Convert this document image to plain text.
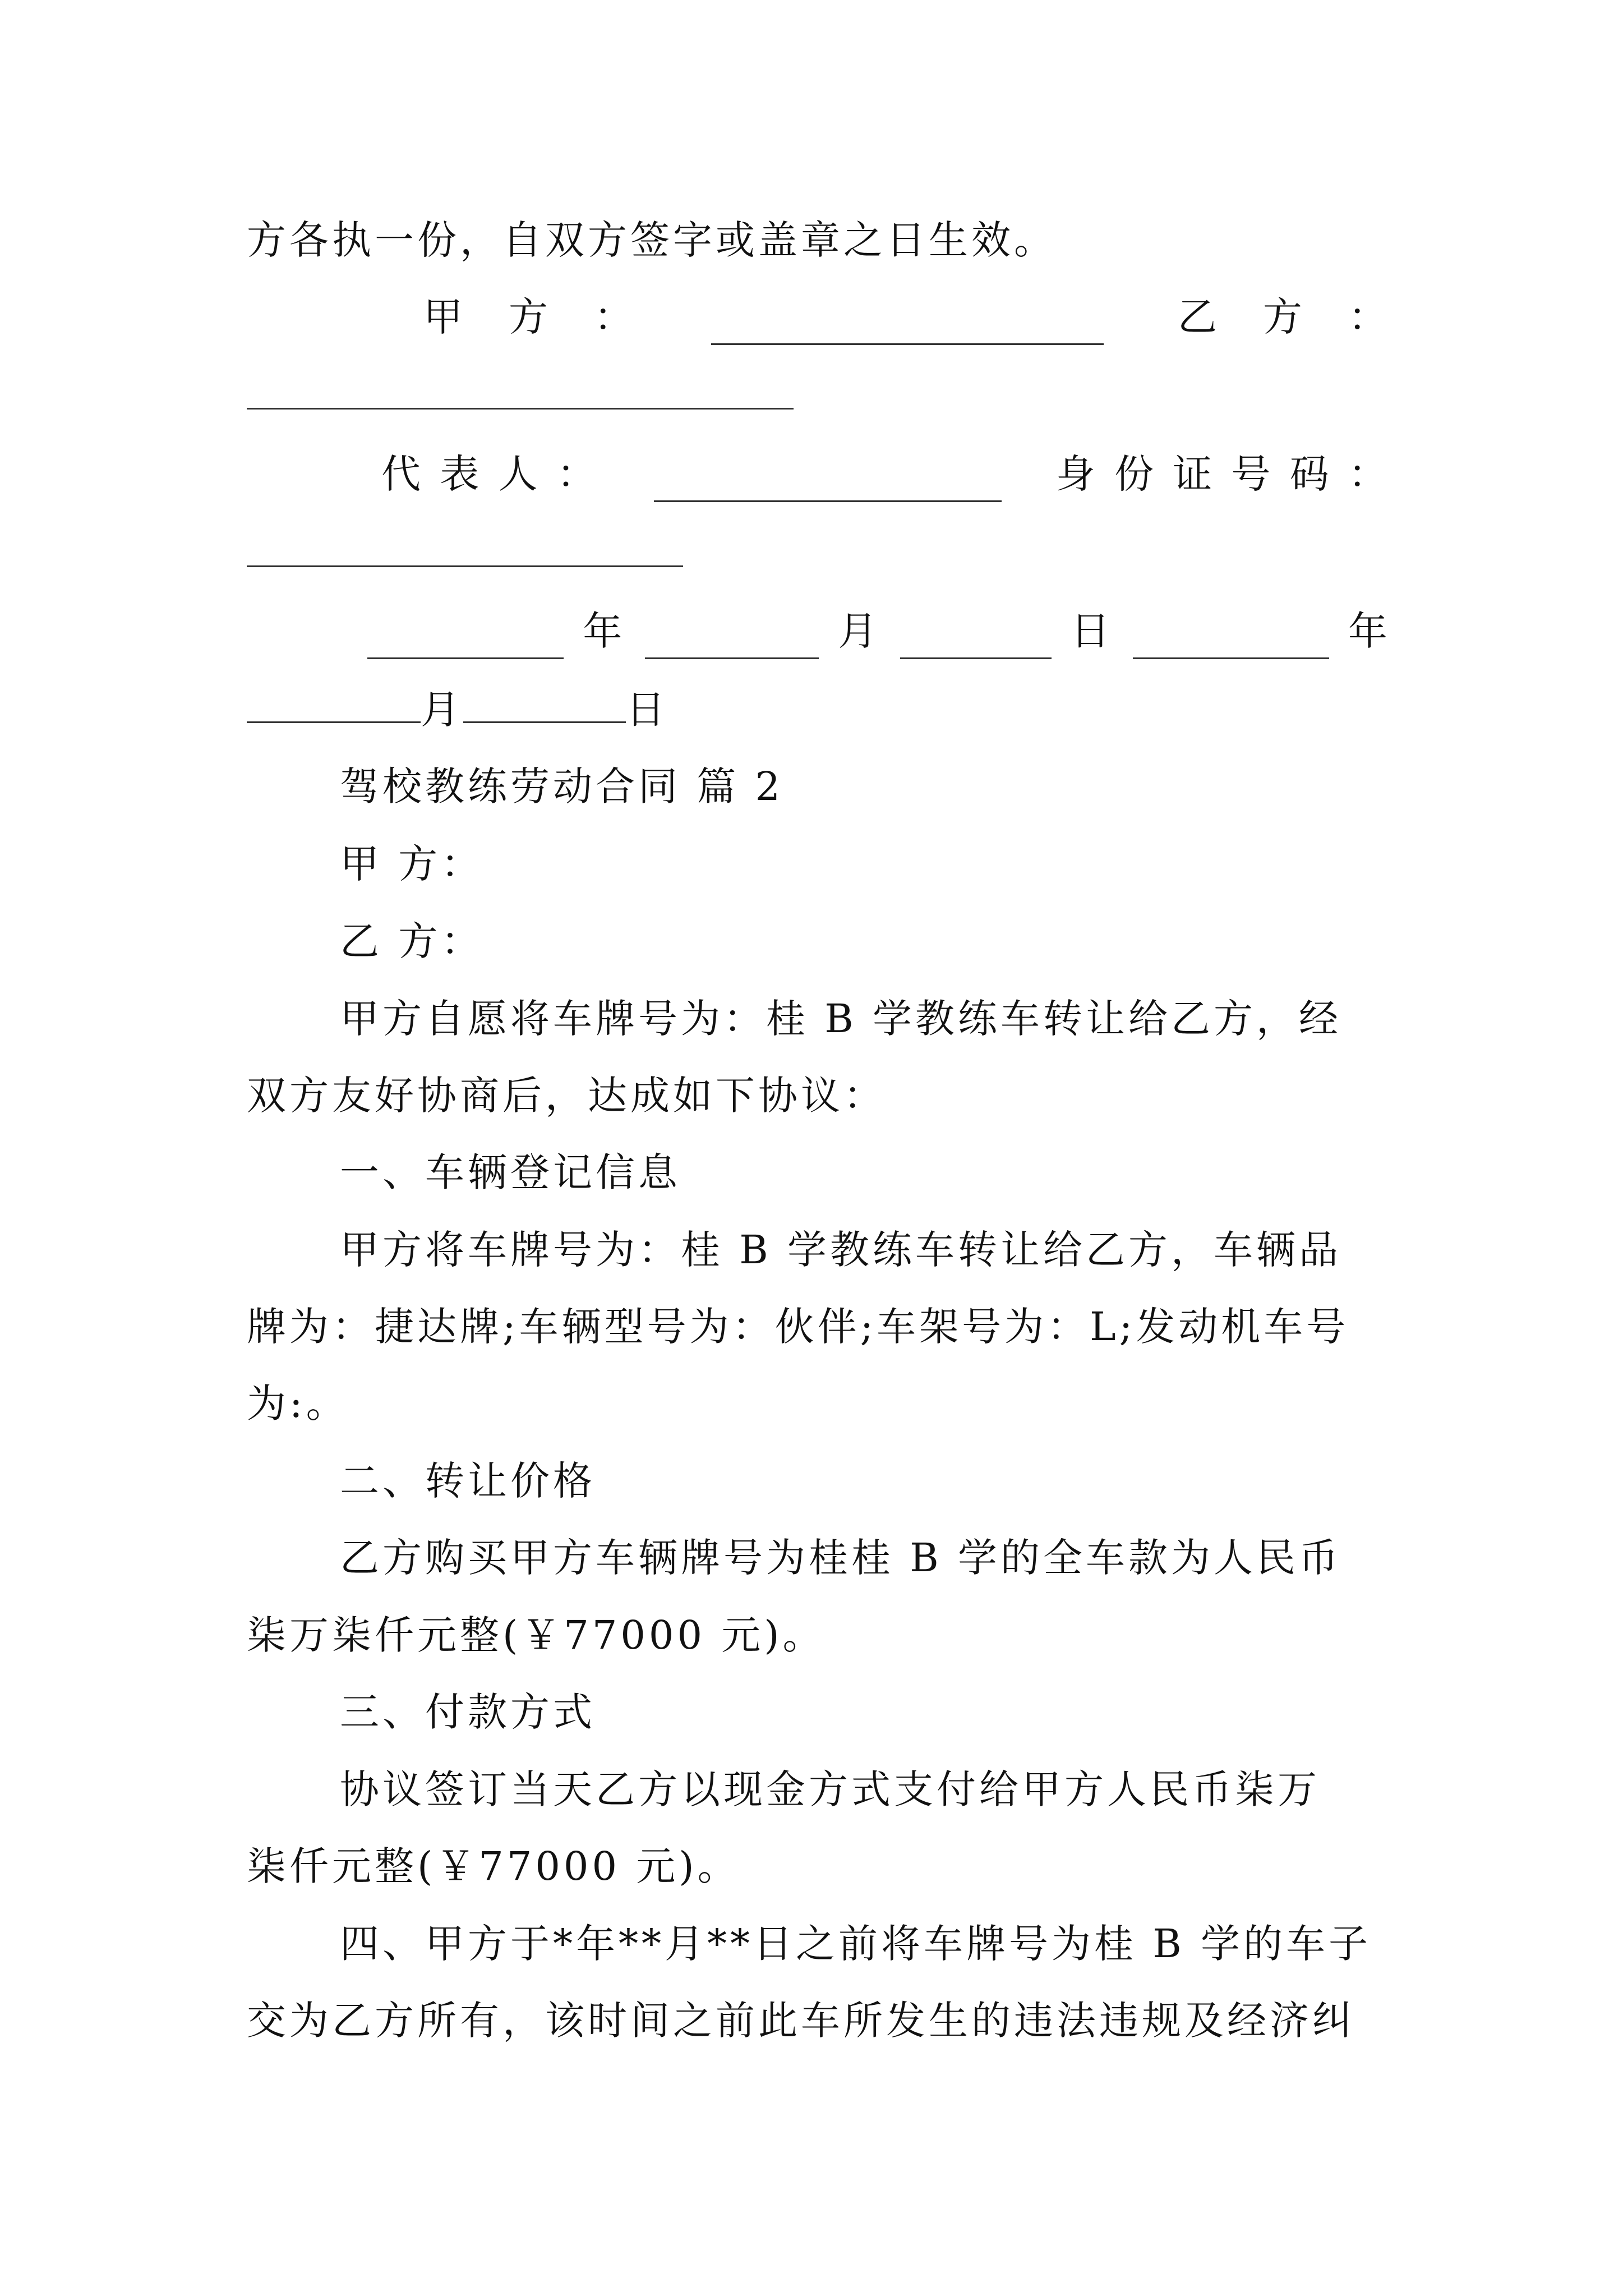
方各执一份，自双方签字或盖章之日生效。
甲　方　：	乙　方　：
代 表 人 ：	身 份 证 号 码 ：
年	月	日	年
月	日
驾校教练劳动合同 篇 2
甲 方：
乙 方：
甲方自愿将车牌号为：桂 B 学教练车转让给乙方，经
双方友好协商后，达成如下协议：
一、车辆登记信息
甲方将车牌号为：桂 B 学教练车转让给乙方，车辆品
牌为：捷达牌;车辆型号为：伙伴;车架号为：L;发动机车号
为:。
二、转让价格
乙方购买甲方车辆牌号为桂桂 B 学的全车款为人民币
柒万柒仟元整(￥77000 元)。
三、付款方式
协议签订当天乙方以现金方式支付给甲方人民币柒万
柒仟元整(￥77000 元)。
四、甲方于*年**月**日之前将车牌号为桂 B 学的车子
交为乙方所有，该时间之前此车所发生的违法违规及经济纠
